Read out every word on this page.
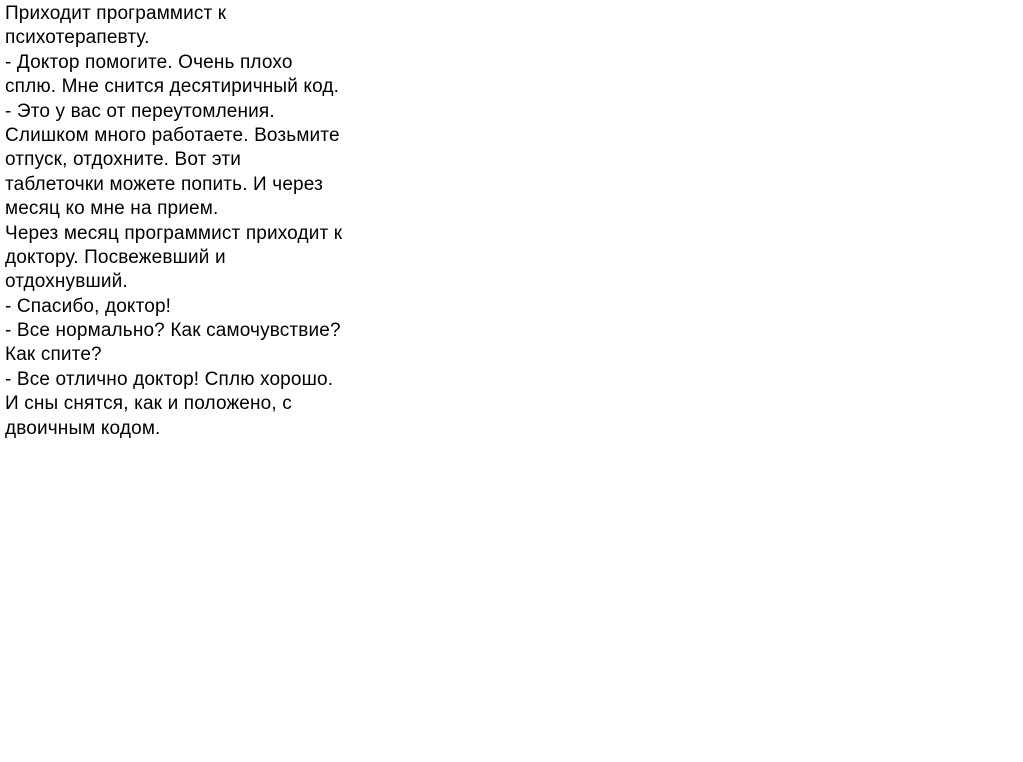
Приходит программист к
психотерапевту.
- Доктор помогите. Очень плохо
сплю. Мне снится десятиричный код.
- Это у вас от переутомления.
Слишком много работаете. Возьмите
отпуск, отдохните. Вот эти
таблеточки можете попить. И через
месяц ко мне на прием.
Через месяц программист приходит к
доктору. Посвежевший и
отдохнувший.
- Спасибо, доктор!
- Все нормально? Как самочувствие?
Как спите?
- Все отлично доктор! Сплю хорошо.
И сны снятся, как и положено, с
двоичным кодом.
